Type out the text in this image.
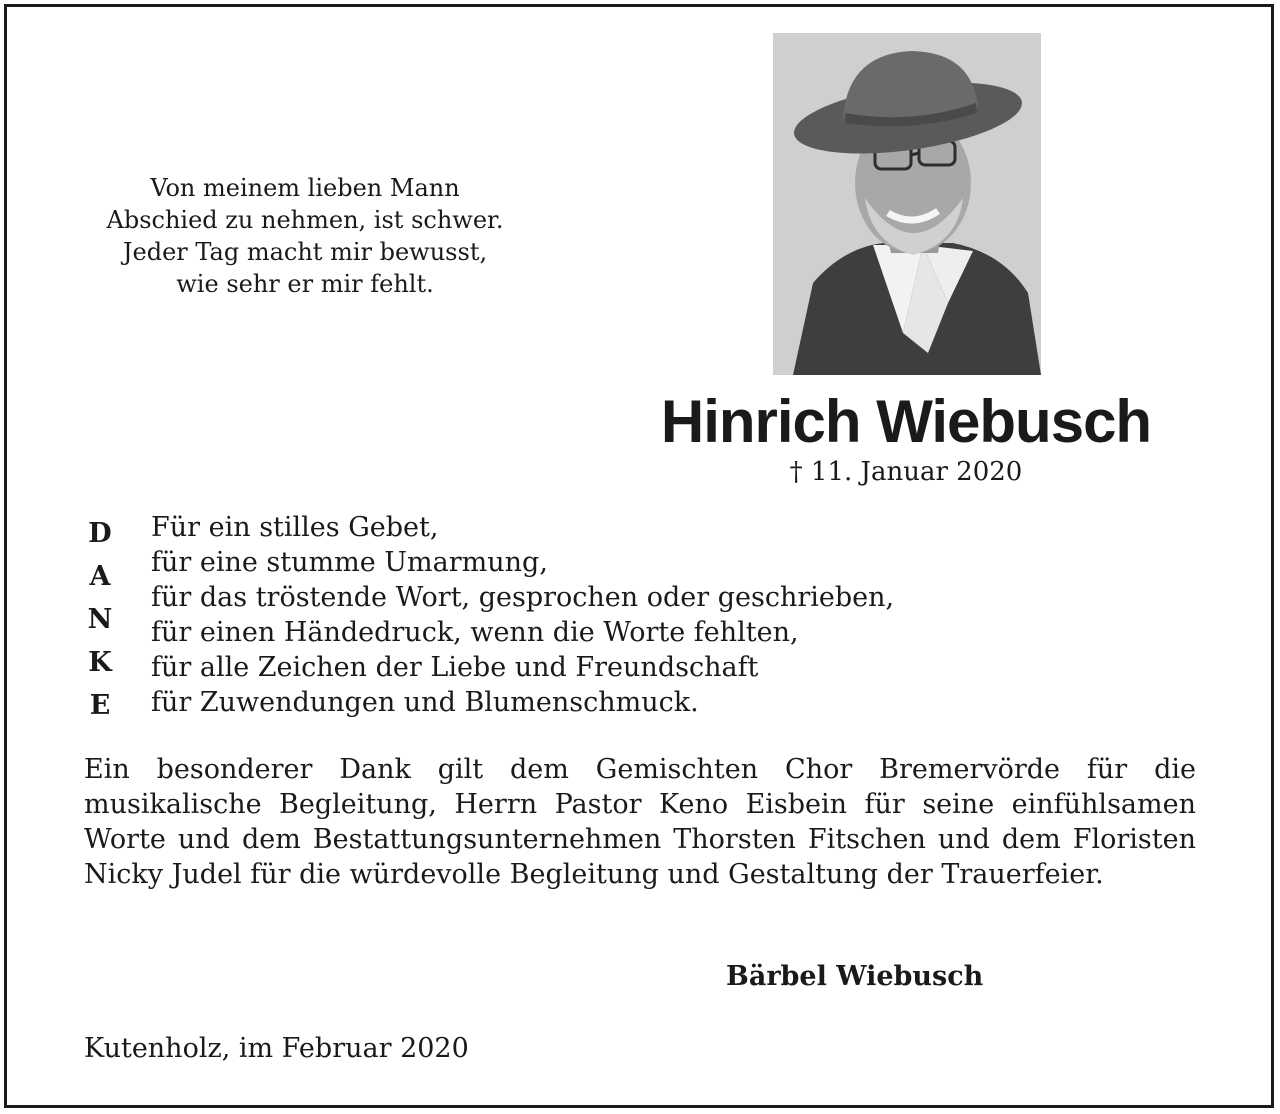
Von meinem lieben Mann
Abschied zu nehmen, ist schwer.
Jeder Tag macht mir bewusst,
wie sehr er mir fehlt.
Hinrich Wiebusch
† 11. Januar 2020
D
A
N
K
E
Für ein stilles Gebet,
für eine stumme Umarmung,
für das tröstende Wort, gesprochen oder geschrieben,
für einen Händedruck, wenn die Worte fehlten,
für alle Zeichen der Liebe und Freundschaft
für Zuwendungen und Blumenschmuck.
Ein besonderer Dank gilt dem Gemischten Chor Bremervörde für die musikalische Begleitung, Herrn Pastor Keno Eisbein für seine einfühlsamen Worte und dem Bestattungsunternehmen Thorsten Fitschen und dem Floristen Nicky Judel für die würdevolle Begleitung und Gestaltung der Trauerfeier.
Bärbel Wiebusch
Kutenholz, im Februar 2020
